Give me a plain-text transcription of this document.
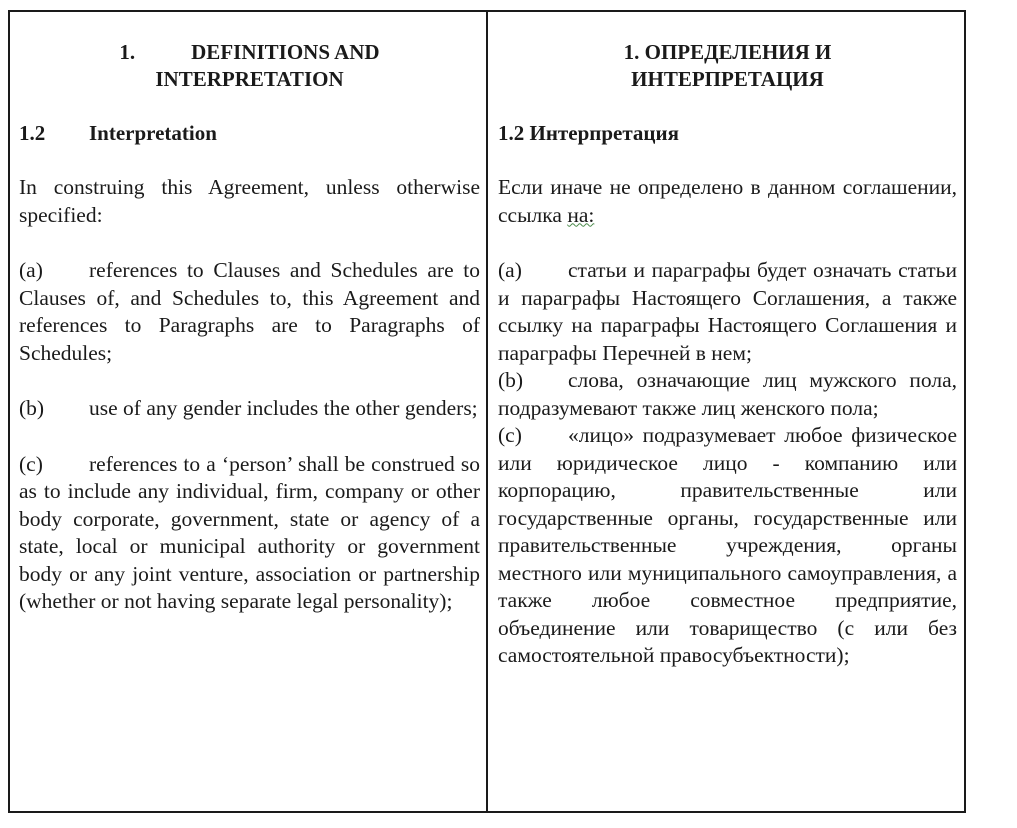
1.	DEFINITIONS AND
INTERPRETATION
1.2 Interpretation

In construing this Agreement, unless otherwise specified:

(a) references to Clauses and Schedules are to Clauses of, and Schedules to, this Agreement and references to Paragraphs are to Paragraphs of Schedules;
(b) use of any gender includes the other genders;
(c) references to a ‘person’ shall be construed so as to include any individual, firm, company or other body corporate, government, state or agency of a state, local or municipal authority or government body or any joint venture, association or partnership (whether or not having separate legal personality);
1. ОПРЕДЕЛЕНИЯ И
ИНТЕРПРЕТАЦИЯ
1.2 Интерпретация

Если иначе не определено в данном соглашении, ссылка на:

(a) статьи и параграфы будет означать статьи и параграфы Настоящего Соглашения, а также ссылку на параграфы Настоящего Соглашения и параграфы Перечней в нем;
(b) слова, означающие лиц мужского пола, подразумевают также лиц женского пола;
(c) «лицо» подразумевает любое физическое или юридическое лицо - компанию или корпорацию, правительственные или государственные органы, государственные или правительственные учреждения, органы местного или муниципального самоуправления, а также любое совместное предприятие, объединение или товарищество (с или без самостоятельной правосубъектности);
